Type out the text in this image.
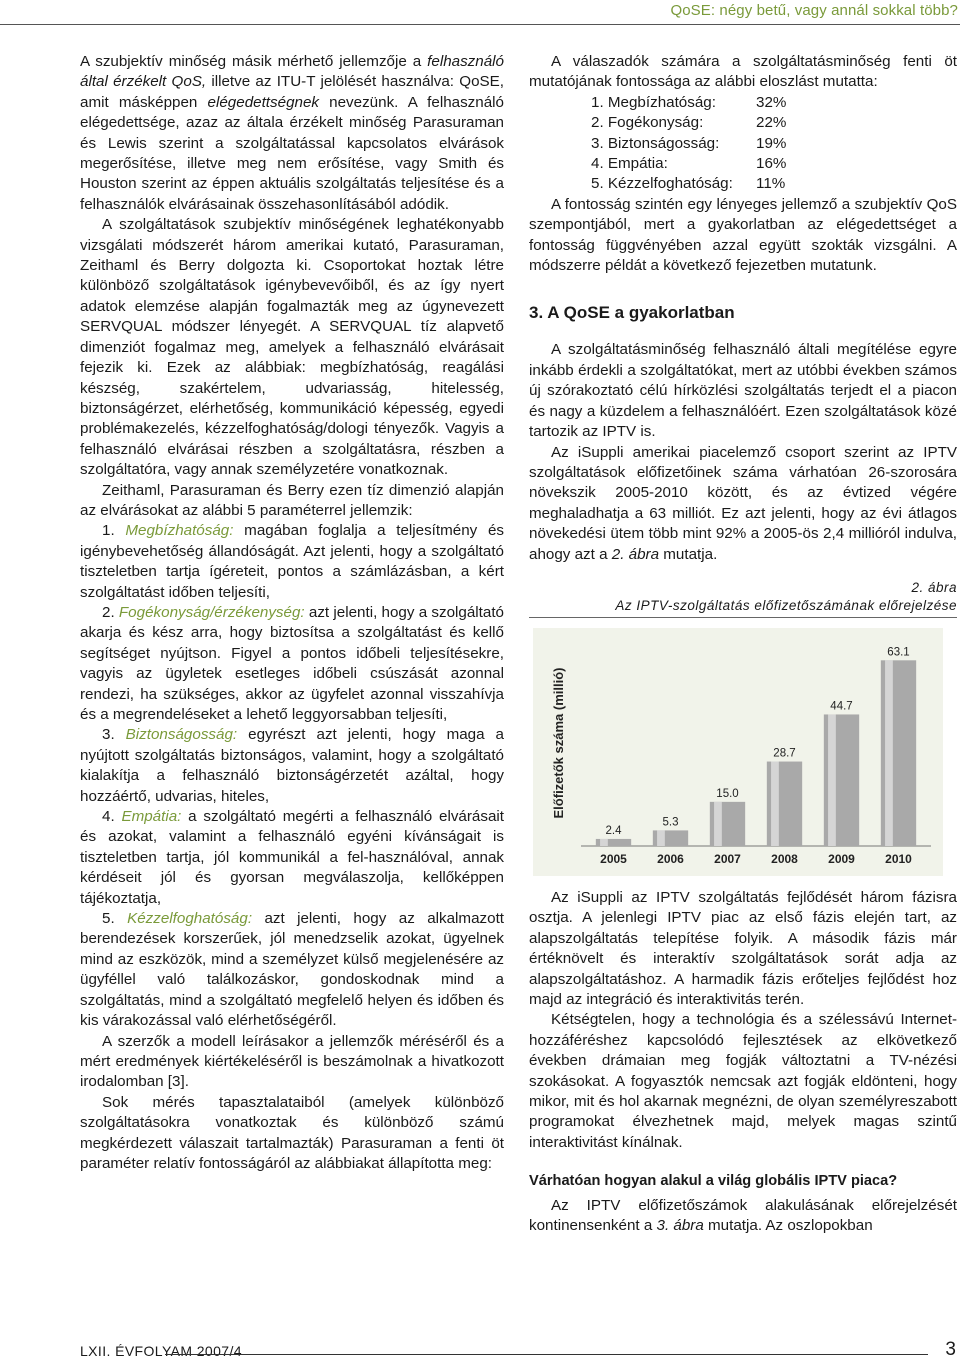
QoSE: négy betű, vagy annál sokkal több?

A szubjektív minőség másik mérhető jellemzője a felhasználó által érzékelt QoS, illetve az ITU-T jelölését használva: QoSE, amit másképpen elégedettségnek nevezünk. A felhasználó elégedettsége, azaz az általa érzékelt minőség Parasuraman és Lewis szerint a szolgáltatással kapcsolatos elvárások megerősítése, illetve meg nem erősítése, vagy Smith és Houston szerint az éppen aktuális szolgáltatás teljesítése és a felhasználók elvárásainak összehasonlításából adódik.

A szolgáltatások szubjektív minőségének leghatékonyabb vizsgálati módszerét három amerikai kutató, Parasuraman, Zeithaml és Berry dolgozta ki. Csoportokat hoztak létre különböző szolgáltatások igénybevevőiből, és az így nyert adatok elemzése alapján fogalmazták meg az úgynevezett SERVQUAL módszer lényegét. A SERVQUAL tíz alapvető dimenziót fogalmaz meg, amelyek a felhasználó elvárásait fejezik ki. Ezek az alábbiak: megbízhatóság, reagálási készség, szakértelem, udvariasság, hitelesség, biztonságérzet, elérhetőség, kommunikáció képesség, egyedi problémakezelés, kézzelfoghatóság/dologi tényezők. Vagyis a felhasználó elvárásai részben a szolgáltatásra, részben a szolgáltatóra, vagy annak személyzetére vonatkoznak.

Zeithaml, Parasuraman és Berry ezen tíz dimenzió alapján az elvárásokat az alábbi 5 paraméterrel jellemzik:

1. Megbízhatóság: magában foglalja a teljesítmény és igénybevehetőség állandóságát. Azt jelenti, hogy a szolgáltató tiszteletben tartja ígéreteit, pontos a számlázásban, a kért szolgáltatást időben teljesíti,

2. Fogékonyság/érzékenység: azt jelenti, hogy a szolgáltató akarja és kész arra, hogy biztosítsa a szolgáltatást és kellő segítséget nyújtson. Figyel a pontos időbeli teljesítésekre, vagyis az ügyletek esetleges időbeli csúszását azonnal rendezi, ha szükséges, akkor az ügyfelet azonnal visszahívja és a megrendeléseket a lehető leggyorsabban teljesíti,

3. Biztonságosság: egyrészt azt jelenti, hogy maga a nyújtott szolgáltatás biztonságos, valamint, hogy a szolgáltató kialakítja a felhasználó biztonságérzetét azáltal, hogy hozzáértő, udvarias, hiteles,

4. Empátia: a szolgáltató megérti a felhasználó elvárásait és azokat, valamint a felhasználó egyéni kívánságait is tiszteletben tartja, jól kommunikál a fel-használóval, annak kérdéseit jól és gyorsan megválaszolja, kellőképpen tájékoztatja,

5. Kézzelfoghatóság: azt jelenti, hogy az alkalmazott berendezések korszerűek, jól menedzselik azokat, ügyelnek mind az eszközök, mind a személyzet külső megjelenésére az ügyféllel való találkozáskor, gondoskodnak mind a szolgáltatás, mind a szolgáltató megfelelő helyen és időben és kis várakozással való elérhetőségéről.

A szerzők a modell leírásakor a jellemzők méréséről és a mért eredmények kiértékeléséről is beszámolnak a hivatkozott irodalomban [3].

Sok mérés tapasztalataiból (amelyek különböző szolgáltatásokra vonatkoztak és különböző számú megkérdezett válaszait tartalmazták) Parasuraman a fenti öt paraméter relatív fontosságáról az alábbiakat állapította meg:

A válaszadók számára a szolgáltatásminőség fenti öt mutatójának fontossága az alábbi eloszlást mutatta:

1. Megbízhatóság:	32%
2. Fogékonyság:	22%
3. Biztonságosság:	19%
4. Empátia:	16%
5. Kézzelfoghatóság:	11%

A fontosság szintén egy lényeges jellemző a szubjektív QoS szempontjából, mert a gyakorlatban az elégedettséget a fontosság függvényében azzal együtt szokták vizsgálni. A módszerre példát a következő fejezetben mutatunk.

3. A QoSE a gyakorlatban

A szolgáltatásminőség felhasználó általi megítélése egyre inkább érdekli a szolgáltatókat, mert az utóbbi években számos új szórakoztató célú hírközlési szolgáltatás terjedt el a piacon és nagy a küzdelem a felhasználóért. Ezen szolgáltatások közé tartozik az IPTV is.

Az iSuppli amerikai piacelemző csoport szerint az IPTV szolgáltatások előfizetőinek száma várhatóan 26-szorosára növekszik 2005-2010 között, és az évtized végére meghaladhatja a 63 milliót. Ez azt jelenti, hogy az évi átlagos növekedési ütem több mint 92% a 2005-ös 2,4 millióról indulva, ahogy azt a 2. ábra mutatja.

2. ábra
Az IPTV-szolgáltatás előfizetőszámának előrejelzése
Előfizetők száma (millió)
2.4
2005
5.3
2006
15.0
2007
28.7
2008
44.7
2009
63.1
2010

Az iSuppli az IPTV szolgáltatás fejlődését három fázisra osztja. A jelenlegi IPTV piac az első fázis elején tart, az alapszolgáltatás telepítése folyik. A második fázis már értéknövelt és interaktív szolgáltatások sorát adja az alapszolgáltatáshoz. A harmadik fázis erőteljes fejlődést hoz majd az integráció és interaktivitás terén.

Kétségtelen, hogy a technológia és a szélessávú Internet-hozzáféréshez kapcsolódó fejlesztések az elkövetkező években drámaian meg fogják változtatni a TV-nézési szokásokat. A fogyasztók nemcsak azt fogják eldönteni, hogy mikor, mit és hol akarnak megnézni, de olyan személyreszabott programokat élvezhetnek majd, melyek magas szintű interaktivitást kínálnak.

Várhatóan hogyan alakul a világ globális IPTV piaca?

Az IPTV előfizetőszámok alakulásának előrejelzését kontinensenként a 3. ábra mutatja. Az oszlopokban

LXII. ÉVFOLYAM 2007/4	3
